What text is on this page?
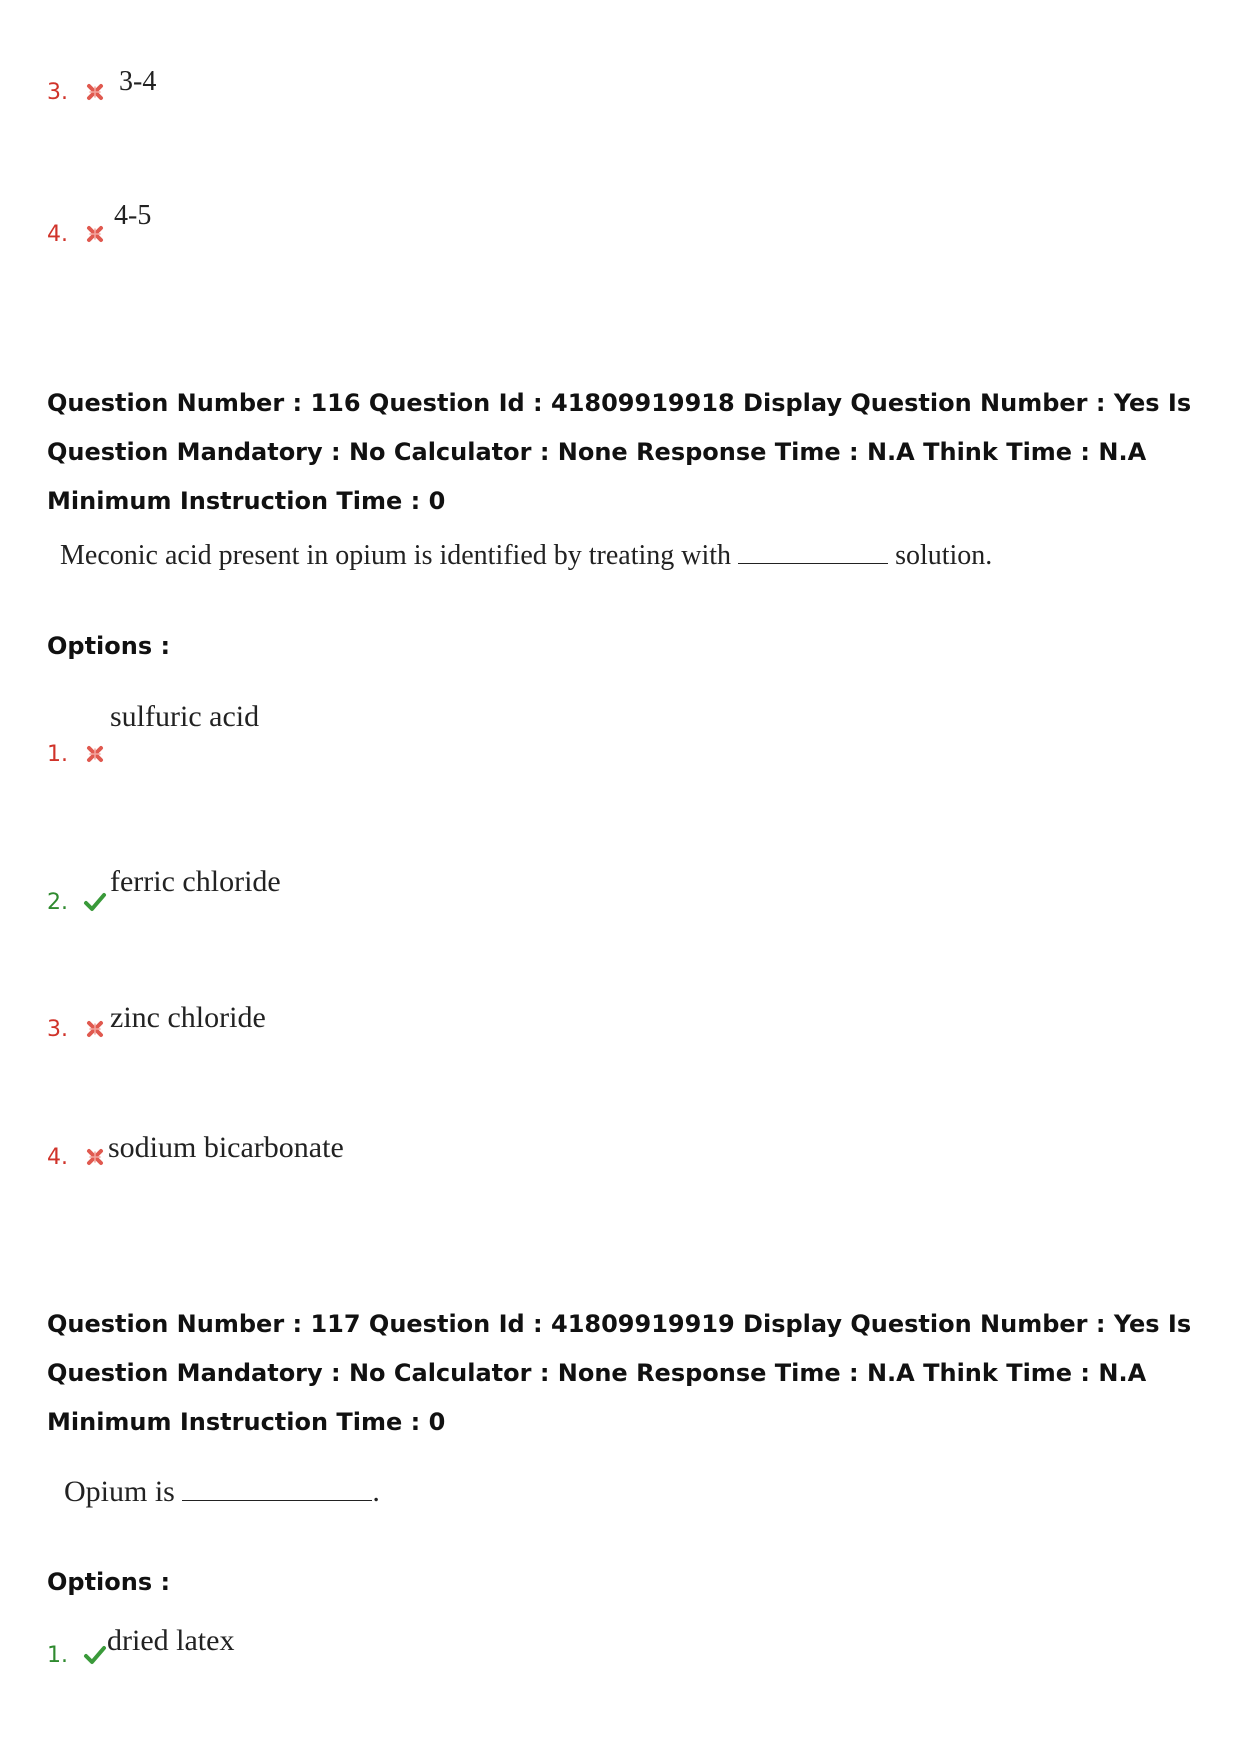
3.	3-4
4.
4-5
Question Number : 116 Question Id : 41809919918 Display Question Number : Yes Is Question Mandatory : No Calculator : None Response Time : N.A Think Time : N.A Minimum Instruction Time : 0
Meconic acid present in opium is identified by treating with	solution.
Options :
1.
sulfuric acid
2.
ferric chloride
3.	zinc chloride
4.	sodium bicarbonate
Question Number : 117 Question Id : 41809919919 Display Question Number : Yes Is Question Mandatory : No Calculator : None Response Time : N.A Think Time : N.A Minimum Instruction Time : 0
Opium is	.
Options :
1.	dried latex
